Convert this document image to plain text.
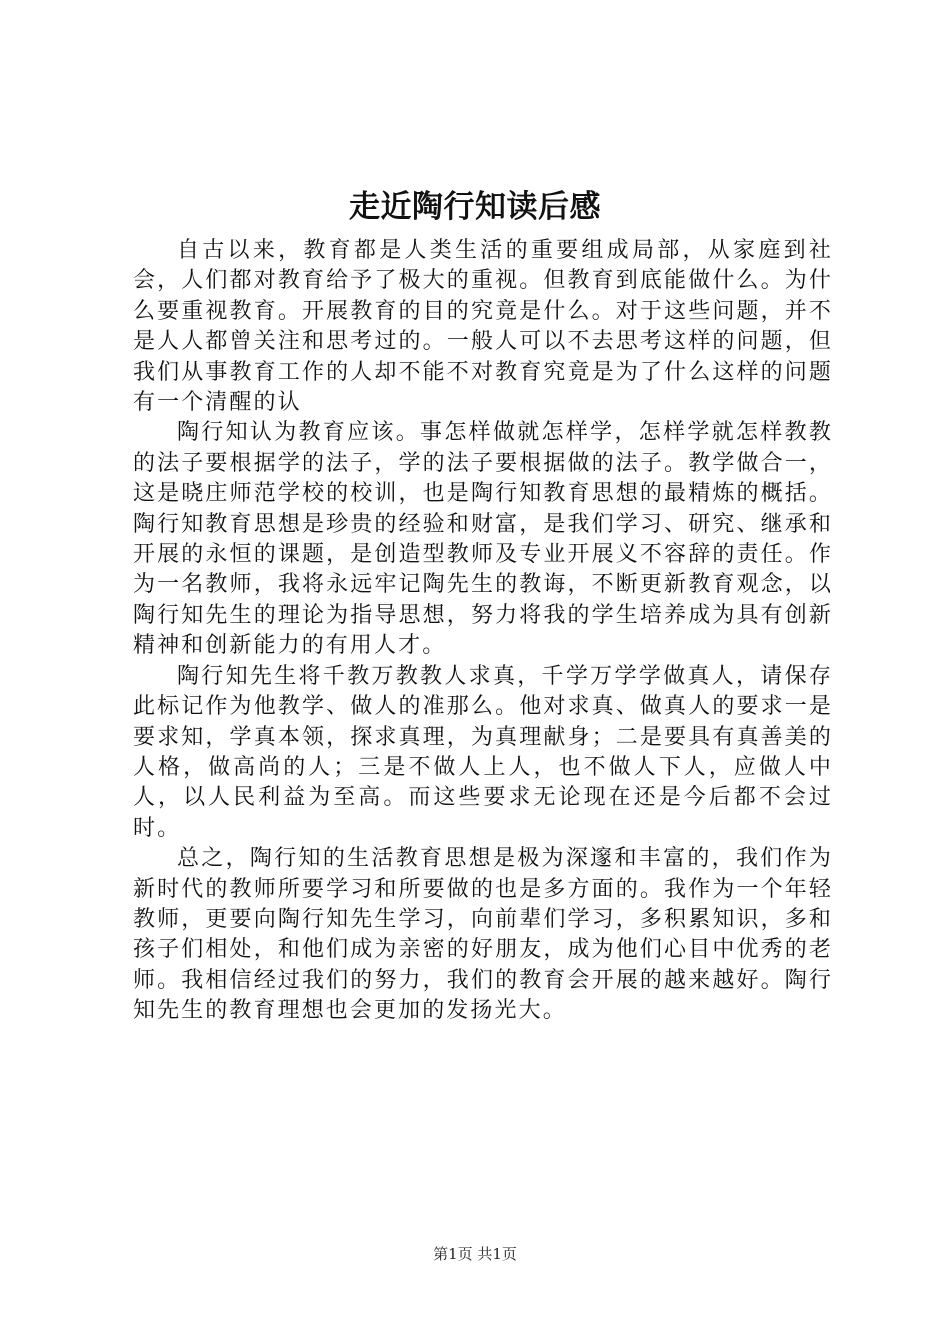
走近陶行知读后感

自古以来，教育都是人类生活的重要组成局部，从家庭到社会，人们都对教育给予了极大的重视。但教育到底能做什么。为什么要重视教育。开展教育的目的究竟是什么。对于这些问题，并不是人人都曾关注和思考过的。一般人可以不去思考这样的问题，但我们从事教育工作的人却不能不对教育究竟是为了什么这样的问题有一个清醒的认

陶行知认为教育应该。事怎样做就怎样学，怎样学就怎样教教的法子要根据学的法子，学的法子要根据做的法子。教学做合一，这是晓庄师范学校的校训，也是陶行知教育思想的最精炼的概括。陶行知教育思想是珍贵的经验和财富，是我们学习、研究、继承和开展的永恒的课题，是创造型教师及专业开展义不容辞的责任。作为一名教师，我将永远牢记陶先生的教诲，不断更新教育观念，以陶行知先生的理论为指导思想，努力将我的学生培养成为具有创新精神和创新能力的有用人才。

陶行知先生将千教万教教人求真，千学万学学做真人，请保存此标记作为他教学、做人的准那么。他对求真、做真人的要求一是要求知，学真本领，探求真理，为真理献身；二是要具有真善美的人格，做高尚的人；三是不做人上人，也不做人下人，应做人中人，以人民利益为至高。而这些要求无论现在还是今后都不会过时。

总之，陶行知的生活教育思想是极为深邃和丰富的，我们作为新时代的教师所要学习和所要做的也是多方面的。我作为一个年轻教师，更要向陶行知先生学习，向前辈们学习，多积累知识，多和孩子们相处，和他们成为亲密的好朋友，成为他们心目中优秀的老师。我相信经过我们的努力，我们的教育会开展的越来越好。陶行知先生的教育理想也会更加的发扬光大。

第1页 共1页
